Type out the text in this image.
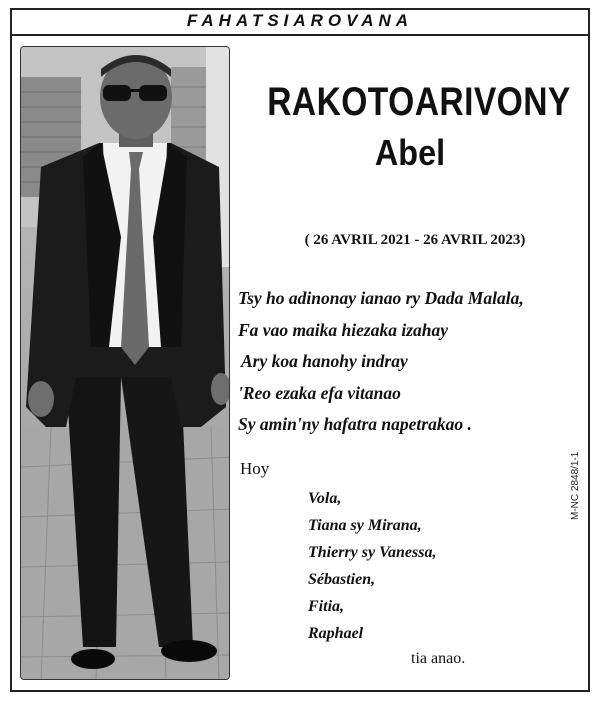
FAHATSIAROVANA
RAKOTOARIVONY
Abel
( 26 AVRIL 2021 - 26 AVRIL 2023)
Tsy ho adinonay ianao ry Dada Malala,
Fa vao maika hiezaka izahay
Ary koa hanohy indray
'Reo ezaka efa vitanao
Sy amin'ny hafatra napetrakao .
Hoy
Vola,
Tiana sy Mirana,
Thierry sy Vanessa,
Sébastien,
Fitia,
Raphael
tia anao.
M-NC 2848/1-1
